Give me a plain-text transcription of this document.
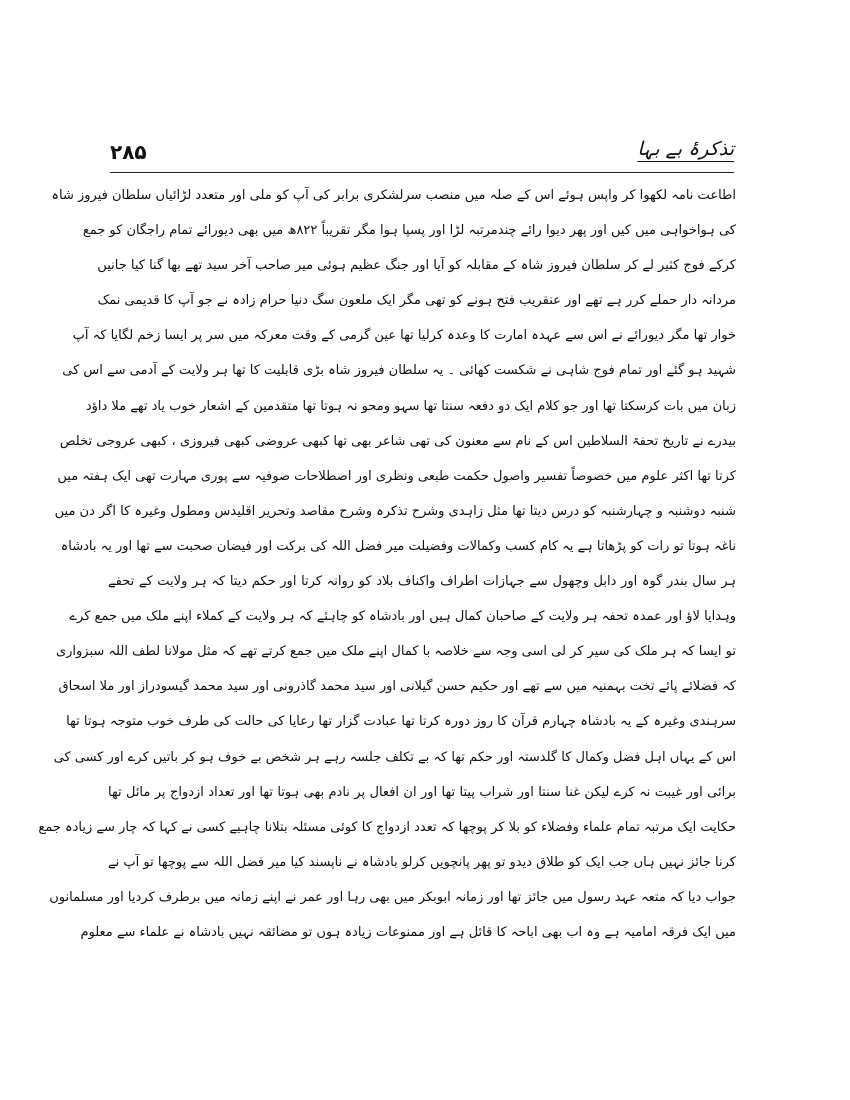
۲۸۵	تذکرۂ بے بہا
اطاعت نامہ لکھوا کر واپس ہوئے اس کے صلہ میں منصب سرلشکری برابر کی آپ کو ملی اور متعدد لڑائیاں سلطان فیروز شاہ
کی ہواخواہی میں کیں اور پھر دیوا رائے چندمرتبہ لڑا اور پسپا ہوا مگر تقریباً ۸۲۲ھ میں بھی دیورائے تمام راجگان کو جمع
کرکے فوج کثیر لے کر سلطان فیروز شاہ کے مقابلہ کو آیا اور جنگ عظیم ہوئی میر صاحب آخر سید تھے بھا گنا کیا جانیں
مردانہ دار حملے کرر ہے تھے اور عنقریب فتح ہونے کو تھی مگر ایک ملعون سگ دنیا حرام زادہ نے جو آپ کا قدیمی نمک
خوار تھا مگر دیورائے نے اس سے عہدہ امارت کا وعدہ کرلیا تھا عین گرمی کے وقت معرکہ میں سر پر ایسا زخم لگایا کہ آپ
شہید ہو گئے اور تمام فوج شاہی نے شکست کھائی ۔ یہ سلطان فیروز شاہ بڑی قابلیت کا تھا ہر ولایت کے آدمی سے اس کی
زبان میں بات کرسکتا تھا اور جو کلام ایک دو دفعہ سنتا تھا سہو ومحو نہ ہوتا تھا متقدمین کے اشعار خوب یاد تھے ملا داؤد
بیدرے نے تاریخ تحفۃ السلاطین اس کے نام سے معنون کی تھی شاعر بھی تھا کبھی عروضی کبھی فیروزی ، کبھی عروجی تخلص
کرتا تھا اکثر علوم میں خصوصاً تفسیر واصول حکمت طبعی ونظری اور اصطلاحات صوفیہ سے پوری مہارت تھی ایک ہفتہ میں
شنبہ دوشنبہ و چہارشنبہ کو درس دیتا تھا مثل زاہدی وشرح تذکرہ وشرح مقاصد وتحریر اقلیدس ومطول وغیرہ کا اگر دن میں
ناغہ ہوتا تو رات کو پڑھاتا ہے یہ کام کسب وکمالات وفضیلت میر فضل اللہ کی برکت اور فیضان صحبت سے تھا اور یہ بادشاہ
ہر سال بندر گوہ اور دابل وچھول سے جہازات اطراف واکناف بلاد کو روانہ کرتا اور حکم دیتا کہ ہر ولایت کے تحفے
وہدایا لاؤ اور عمدہ تحفہ ہر ولایت کے صاحبان کمال ہیں اور بادشاہ کو چاہئے کہ ہر ولایت کے کملاء اپنے ملک میں جمع کرے
تو ایسا کہ ہر ملک کی سیر کر لی اسی وجہ سے خلاصہ با کمال اپنے ملک میں جمع کرتے تھے کہ مثل مولانا لطف اللہ سبزواری
کہ فضلائے پائے تخت بہمنیہ میں سے تھے اور حکیم حسن گیلانی اور سید محمد گاذرونی اور سید محمد گیسودراز اور ملا اسحاق
سرہندی وغیرہ کے یہ بادشاہ چہارم قرآن کا روز دورہ کرتا تھا عبادت گزار تھا رعایا کی حالت کی طرف خوب متوجہ ہوتا تھا
اس کے یہاں اہل فضل وکمال کا گلدستہ اور حکم تھا کہ بے تکلف جلسہ رہے ہر شخص بے خوف ہو کر باتیں کرے اور کسی کی
برائی اور غیبت نہ کرے لیکن غنا سنتا اور شراب پیتا تھا اور ان افعال پر نادم بھی ہوتا تھا اور تعداد ازدواج پر مائل تھا
حکایت ایک مرتبہ تمام علماء وفضلاء کو بلا کر پوچھا کہ تعدد ازدواج کا کوئی مسئلہ بتلانا چاہیے کسی نے کہا کہ چار سے زیادہ جمع
کرنا جائز نہیں ہاں جب ایک کو طلاق دیدو تو پھر پانچویں کرلو بادشاہ نے ناپسند کیا میر فضل اللہ سے پوچھا تو آپ نے
جواب دیا کہ متعہ عہد رسول میں جائز تھا اور زمانہ ابوبکر میں بھی رہا اور عمر نے اپنے زمانہ میں برطرف کردیا اور مسلمانوں
میں ایک فرقہ امامیہ ہے وہ اب بھی اباحہ کا قائل ہے اور ممنوعات زیادہ ہوں تو مضائقہ نہیں بادشاہ نے علماء سے معلوم
